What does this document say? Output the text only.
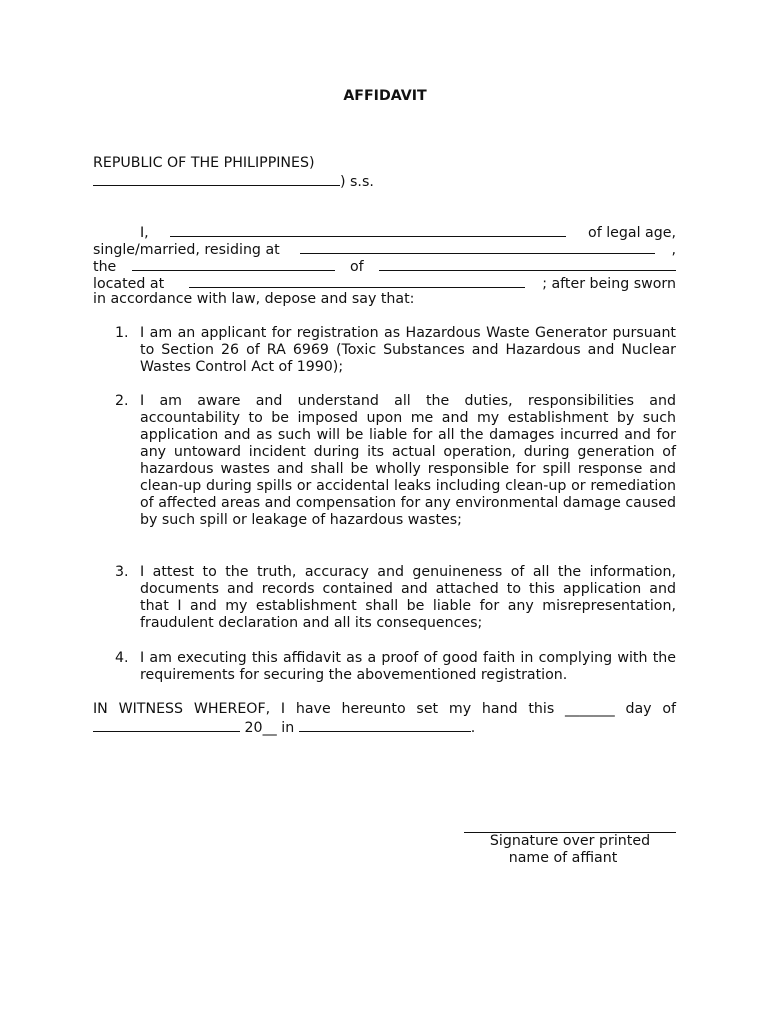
AFFIDAVIT
REPUBLIC OF THE PHILIPPINES)
) s.s.
I,	of legal age,
single/married, residing at	,
the	of
located at	; after being sworn
in accordance with law, depose and say that:
1. I am an applicant for registration as Hazardous Waste Generator pursuant to Section 26 of RA 6969 (Toxic Substances and Hazardous and Nuclear Wastes Control Act of 1990);
2. I am aware and understand all the duties, responsibilities and accountability to be imposed upon me and my establishment by such application and as such will be liable for all the damages incurred and for any untoward incident during its actual operation, during generation of hazardous wastes and shall be wholly responsible for spill response and clean-up during spills or accidental leaks including clean-up or remediation of affected areas and compensation for any environmental damage caused by such spill or leakage of hazardous wastes;
3. I attest to the truth, accuracy and genuineness of all the information, documents and records contained and attached to this application and that I and my establishment shall be liable for any misrepresentation, fraudulent declaration and all its consequences;
4. I am executing this affidavit as a proof of good faith in complying with the requirements for securing the abovementioned registration.
IN WITNESS WHEREOF, I have hereunto set my hand this _______ day of
20__ in	.
Signature over printed
name of affiant
